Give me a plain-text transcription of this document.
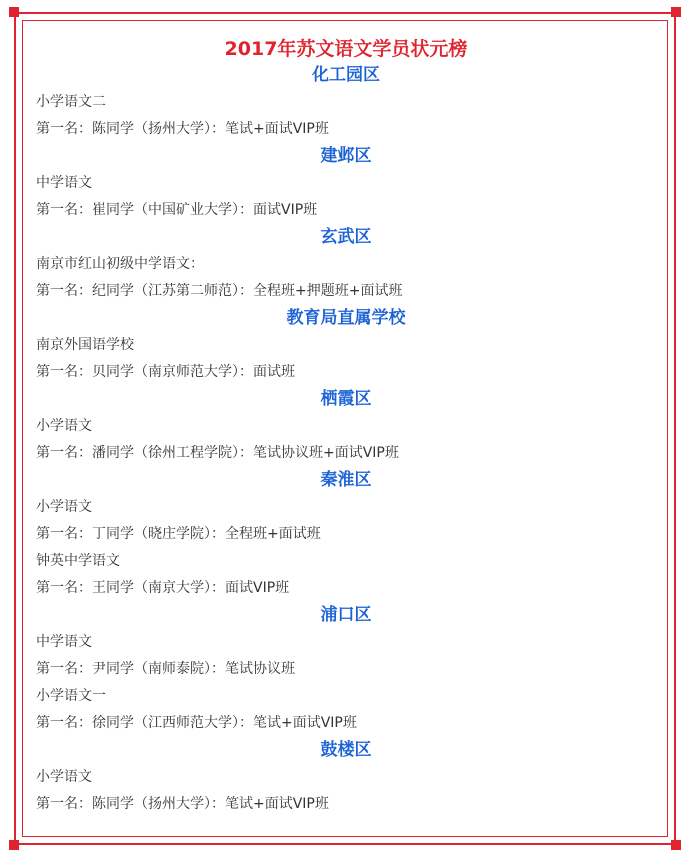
2017年苏文语文学员状元榜
化工园区
小学语文二
第一名：陈同学（扬州大学）：笔试+面试VIP班
建邺区
中学语文
第一名：崔同学（中国矿业大学）：面试VIP班
玄武区
南京市红山初级中学语文：
第一名：纪同学（江苏第二师范）：全程班+押题班+面试班
教育局直属学校
南京外国语学校
第一名：贝同学（南京师范大学）：面试班
栖霞区
小学语文
第一名：潘同学（徐州工程学院）：笔试协议班+面试VIP班
秦淮区
小学语文
第一名：丁同学（晓庄学院）：全程班+面试班
钟英中学语文
第一名：王同学（南京大学）：面试VIP班
浦口区
中学语文
第一名：尹同学（南师泰院）：笔试协议班
小学语文一
第一名：徐同学（江西师范大学）：笔试+面试VIP班
鼓楼区
小学语文
第一名：陈同学（扬州大学）：笔试+面试VIP班
